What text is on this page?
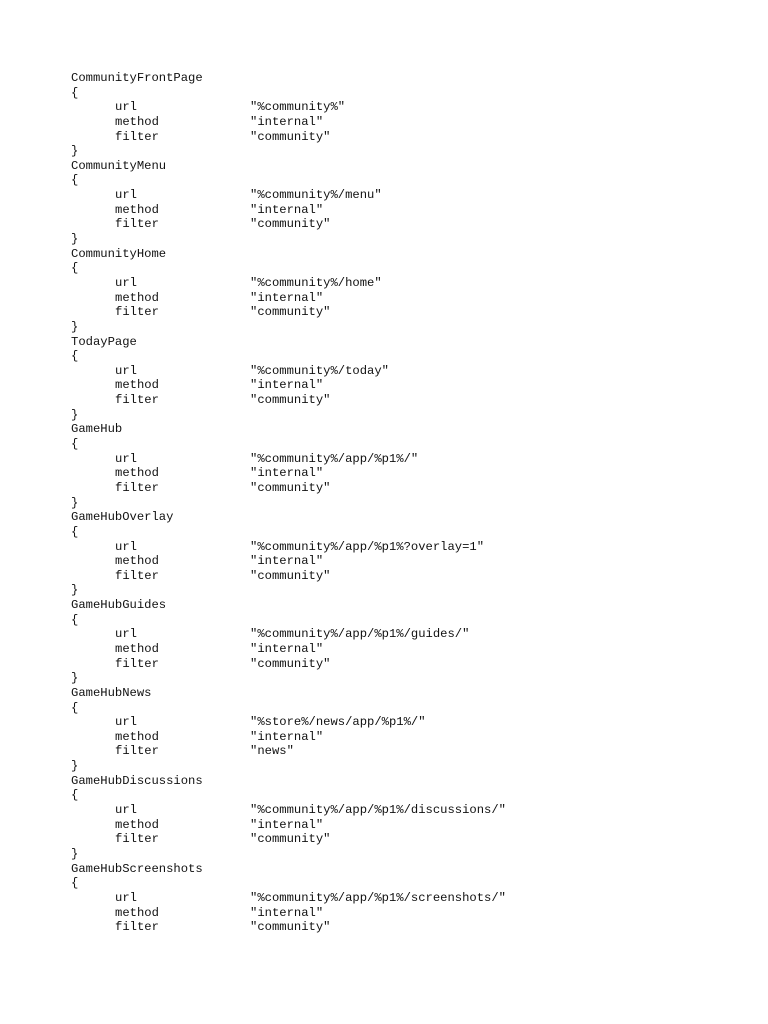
CommunityFrontPage
{
url	"%community%"
method	"internal"
filter	"community"
}
CommunityMenu
{
url	"%community%/menu"
method	"internal"
filter	"community"
}
CommunityHome
{
url	"%community%/home"
method	"internal"
filter	"community"
}
TodayPage
{
url	"%community%/today"
method	"internal"
filter	"community"
}
GameHub
{
url	"%community%/app/%p1%/"
method	"internal"
filter	"community"
}
GameHubOverlay
{
url	"%community%/app/%p1%?overlay=1"
method	"internal"
filter	"community"
}
GameHubGuides
{
url	"%community%/app/%p1%/guides/"
method	"internal"
filter	"community"
}
GameHubNews
{
url	"%store%/news/app/%p1%/"
method	"internal"
filter	"news"
}
GameHubDiscussions
{
url	"%community%/app/%p1%/discussions/"
method	"internal"
filter	"community"
}
GameHubScreenshots
{
url	"%community%/app/%p1%/screenshots/"
method	"internal"
filter	"community"
